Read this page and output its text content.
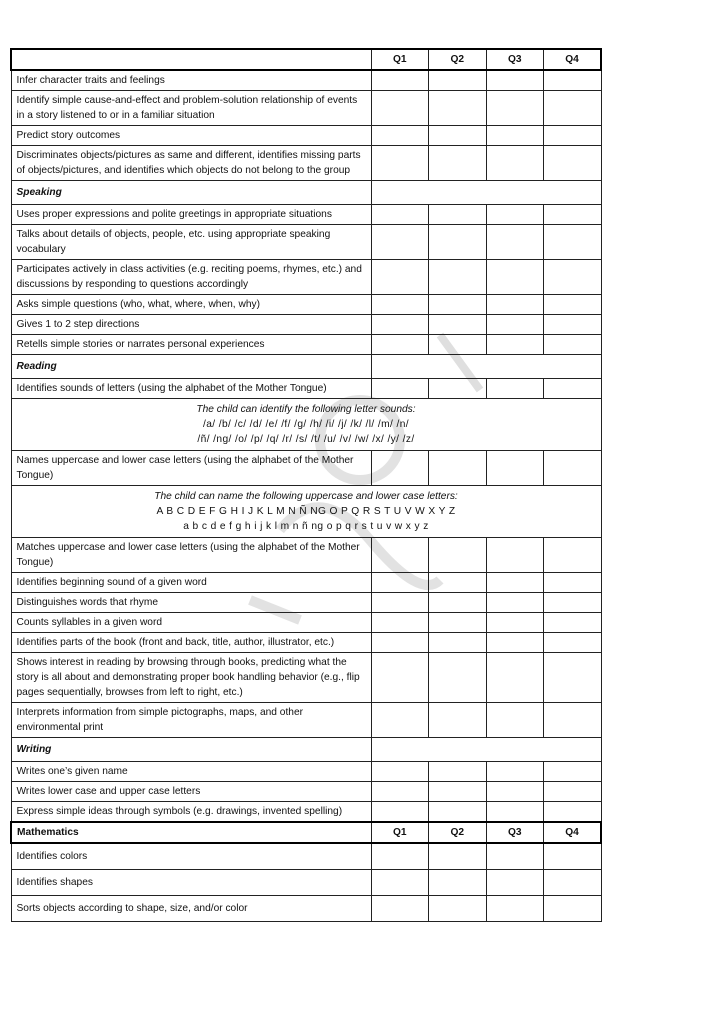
	Q1	Q2	Q3	Q4
Infer character traits and feelings				
Identify simple cause-and-effect and problem-solution relationship of events in a story listened to or in a familiar situation				
Predict story outcomes				
Discriminates objects/pictures as same and different, identifies missing parts of objects/pictures, and identifies which objects do not belong to the group				
Speaking				
Uses proper expressions and polite greetings in appropriate situations				
Talks about details of objects, people, etc. using appropriate speaking vocabulary				
Participates actively in class activities (e.g. reciting poems, rhymes, etc.) and discussions by responding to questions accordingly				
Asks simple questions (who, what, where, when, why)				
Gives 1 to 2 step directions				
Retells simple stories or narrates personal experiences				
Reading				
Identifies sounds of letters (using the alphabet of the Mother Tongue)				

The child can identify the following letter sounds:
/a/ /b/ /c/ /d/ /e/ /f/ /g/ /h/ /i/ /j/ /k/ /l/ /m/ /n/
/ñ/ /ng/ /o/ /p/ /q/ /r/ /s/ /t/ /u/ /v/ /w/ /x/ /y/ /z/				

Names uppercase and lower case letters (using the alphabet of the Mother Tongue)				

The child can name the following uppercase and lower case letters:
A B C D E F G H I J K L M N Ñ NG O P Q R S T U V W X Y Z
a b c d e f g h i j k l m n ñ ng o p q r s t u v w x y z				

Matches uppercase and lower case letters (using the alphabet of the Mother Tongue)				
Identifies beginning sound of a given word				
Distinguishes words that rhyme				
Counts syllables in a given word				
Identifies parts of the book (front and back, title, author, illustrator, etc.)				
Shows interest in reading by browsing through books, predicting what the story is all about and demonstrating proper book handling behavior (e.g., flip pages sequentially, browses from left to right, etc.)				
Interprets information from simple pictographs, maps, and other environmental print				
Writing				
Writes one’s given name				
Writes lower case and upper case letters				
Express simple ideas through symbols (e.g. drawings, invented spelling)				
Mathematics	Q1	Q2	Q3	Q4
Identifies colors				
Identifies shapes				
Sorts objects according to shape, size, and/or color				
